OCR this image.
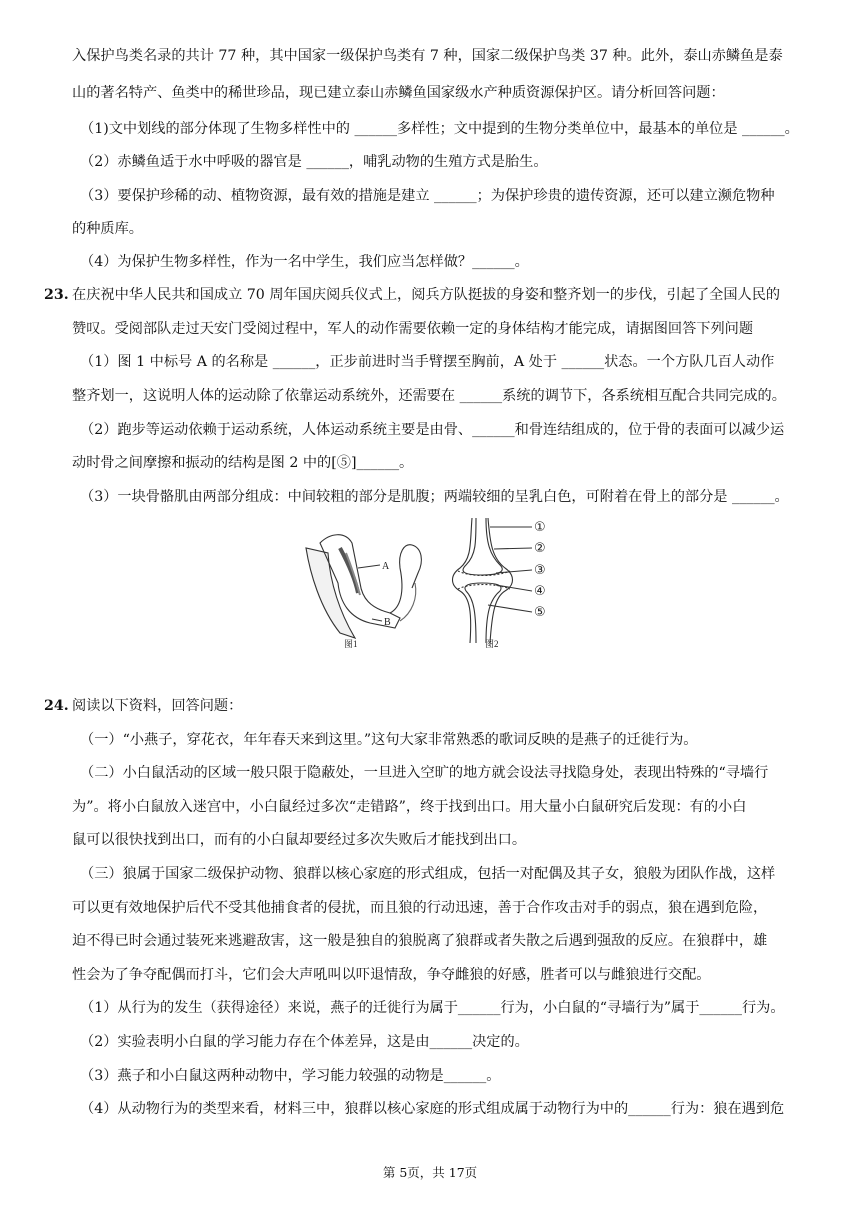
入保护鸟类名录的共计 77 种，其中国家一级保护鸟类有 7 种，国家二级保护鸟类 37 种。此外，泰山赤鳞鱼是泰
山的著名特产、鱼类中的稀世珍品，现已建立泰山赤鳞鱼国家级水产种质资源保护区。请分析回答问题：
（1)文中划线的部分体现了生物多样性中的 ______多样性；文中提到的生物分类单位中，最基本的单位是 ______。
（2）赤鳞鱼适于水中呼吸的器官是 ______，哺乳动物的生殖方式是胎生。
（3）要保护珍稀的动、植物资源，最有效的措施是建立 ______；为保护珍贵的遗传资源，还可以建立濒危物种
的种质库。
（4）为保护生物多样性，作为一名中学生，我们应当怎样做？______。
23. 在庆祝中华人民共和国成立 70 周年国庆阅兵仪式上，阅兵方队挺拔的身姿和整齐划一的步伐，引起了全国人民的
赞叹。受阅部队走过天安门受阅过程中，军人的动作需要依赖一定的身体结构才能完成，请据图回答下列问题
（1）图 1 中标号 A 的名称是 ______，正步前进时当手臂摆至胸前，A 处于 ______状态。一个方队几百人动作
整齐划一，这说明人体的运动除了依靠运动系统外，还需要在 ______系统的调节下，各系统相互配合共同完成的。
（2）跑步等运动依赖于运动系统，人体运动系统主要是由骨、______和骨连结组成的，位于骨的表面可以减少运
动时骨之间摩擦和振动的结构是图 2 中的[⑤]______。
（3）一块骨骼肌由两部分组成：中间较粗的部分是肌腹；两端较细的呈乳白色，可附着在骨上的部分是 ______。
A
B
图1
①
②
③
④
⑤
图2
24. 阅读以下资料，回答问题：
（一）“小燕子，穿花衣，年年春天来到这里。”这句大家非常熟悉的歌词反映的是燕子的迁徙行为。
（二）小白鼠活动的区域一般只限于隐蔽处，一旦进入空旷的地方就会设法寻找隐身处，表现出特殊的“寻墙行
为”。将小白鼠放入迷宫中，小白鼠经过多次“走错路”，终于找到出口。用大量小白鼠研究后发现：有的小白
鼠可以很快找到出口，而有的小白鼠却要经过多次失败后才能找到出口。
（三）狼属于国家二级保护动物、狼群以核心家庭的形式组成，包括一对配偶及其子女，狼般为团队作战，这样
可以更有效地保护后代不受其他捕食者的侵扰，而且狼的行动迅速，善于合作攻击对手的弱点，狼在遇到危险，
迫不得已时会通过装死来逃避敌害，这一般是独自的狼脱离了狼群或者失散之后遇到强敌的反应。在狼群中，雄
性会为了争夺配偶而打斗，它们会大声吼叫以吓退情敌，争夺雌狼的好感，胜者可以与雌狼进行交配。
（1）从行为的发生（获得途径）来说，燕子的迁徙行为属于______行为，小白鼠的“寻墙行为”属于______行为。
（2）实验表明小白鼠的学习能力存在个体差异，这是由______决定的。
（3）燕子和小白鼠这两种动物中，学习能力较强的动物是______。
（4）从动物行为的类型来看，材料三中，狼群以核心家庭的形式组成属于动物行为中的______行为：狼在遇到危
第 5页，共 17页
